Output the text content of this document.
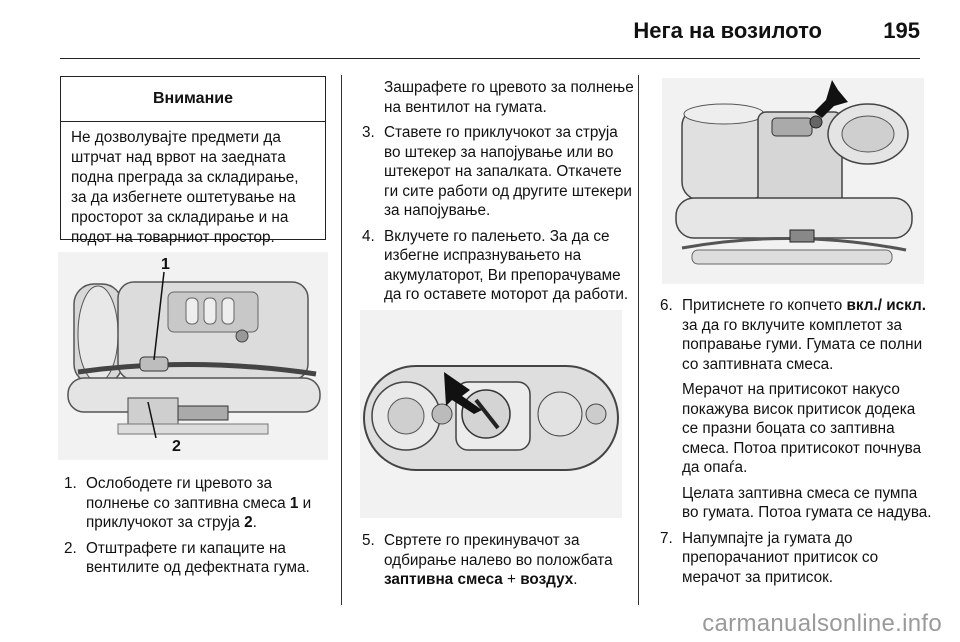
Нега на возилото	195
Внимание
Не дозволувајте предмети да штрчат над врвот на заедната подна преграда за складирање, за да избегнете оштетување на просторот за складирање и на подот на товарниот простор.
1
2
1. Ослободете ги цревото за полнење со заптивна смеса 1 и приклучокот за струја 2.
2. Отштрафете ги капаците на вентилите од дефектната гума.
Зашрафете го цревото за полнење на вентилот на гумата.
3. Ставете го приклучокот за струја во штекер за напојување или во штекерот на запалката. Откачете ги сите работи од другите штекери за напојување.
4. Вклучете го палењето. За да се избегне испразнувањето на акумулаторот, Ви препорачуваме да го оставете моторот да работи.
5. Свртете го прекинувачот за одбирање налево во положбата заптивна смеса + воздух.
6. Притиснете го копчето вкл./ искл. за да го вклучите комплетот за поправање гуми. Гумата се полни со заптивната смеса.
Мерачот на притисокот накусо покажува висок притисок додека се празни боцата со заптивна смеса. Потоа притисокот почнува да опаѓа.
Целата заптивна смеса се пумпа во гумата. Потоа гумата се надува.
7. Напумпајте ја гумата до препорачаниот притисок со мерачот за притисок.
carmanualsonline.info
